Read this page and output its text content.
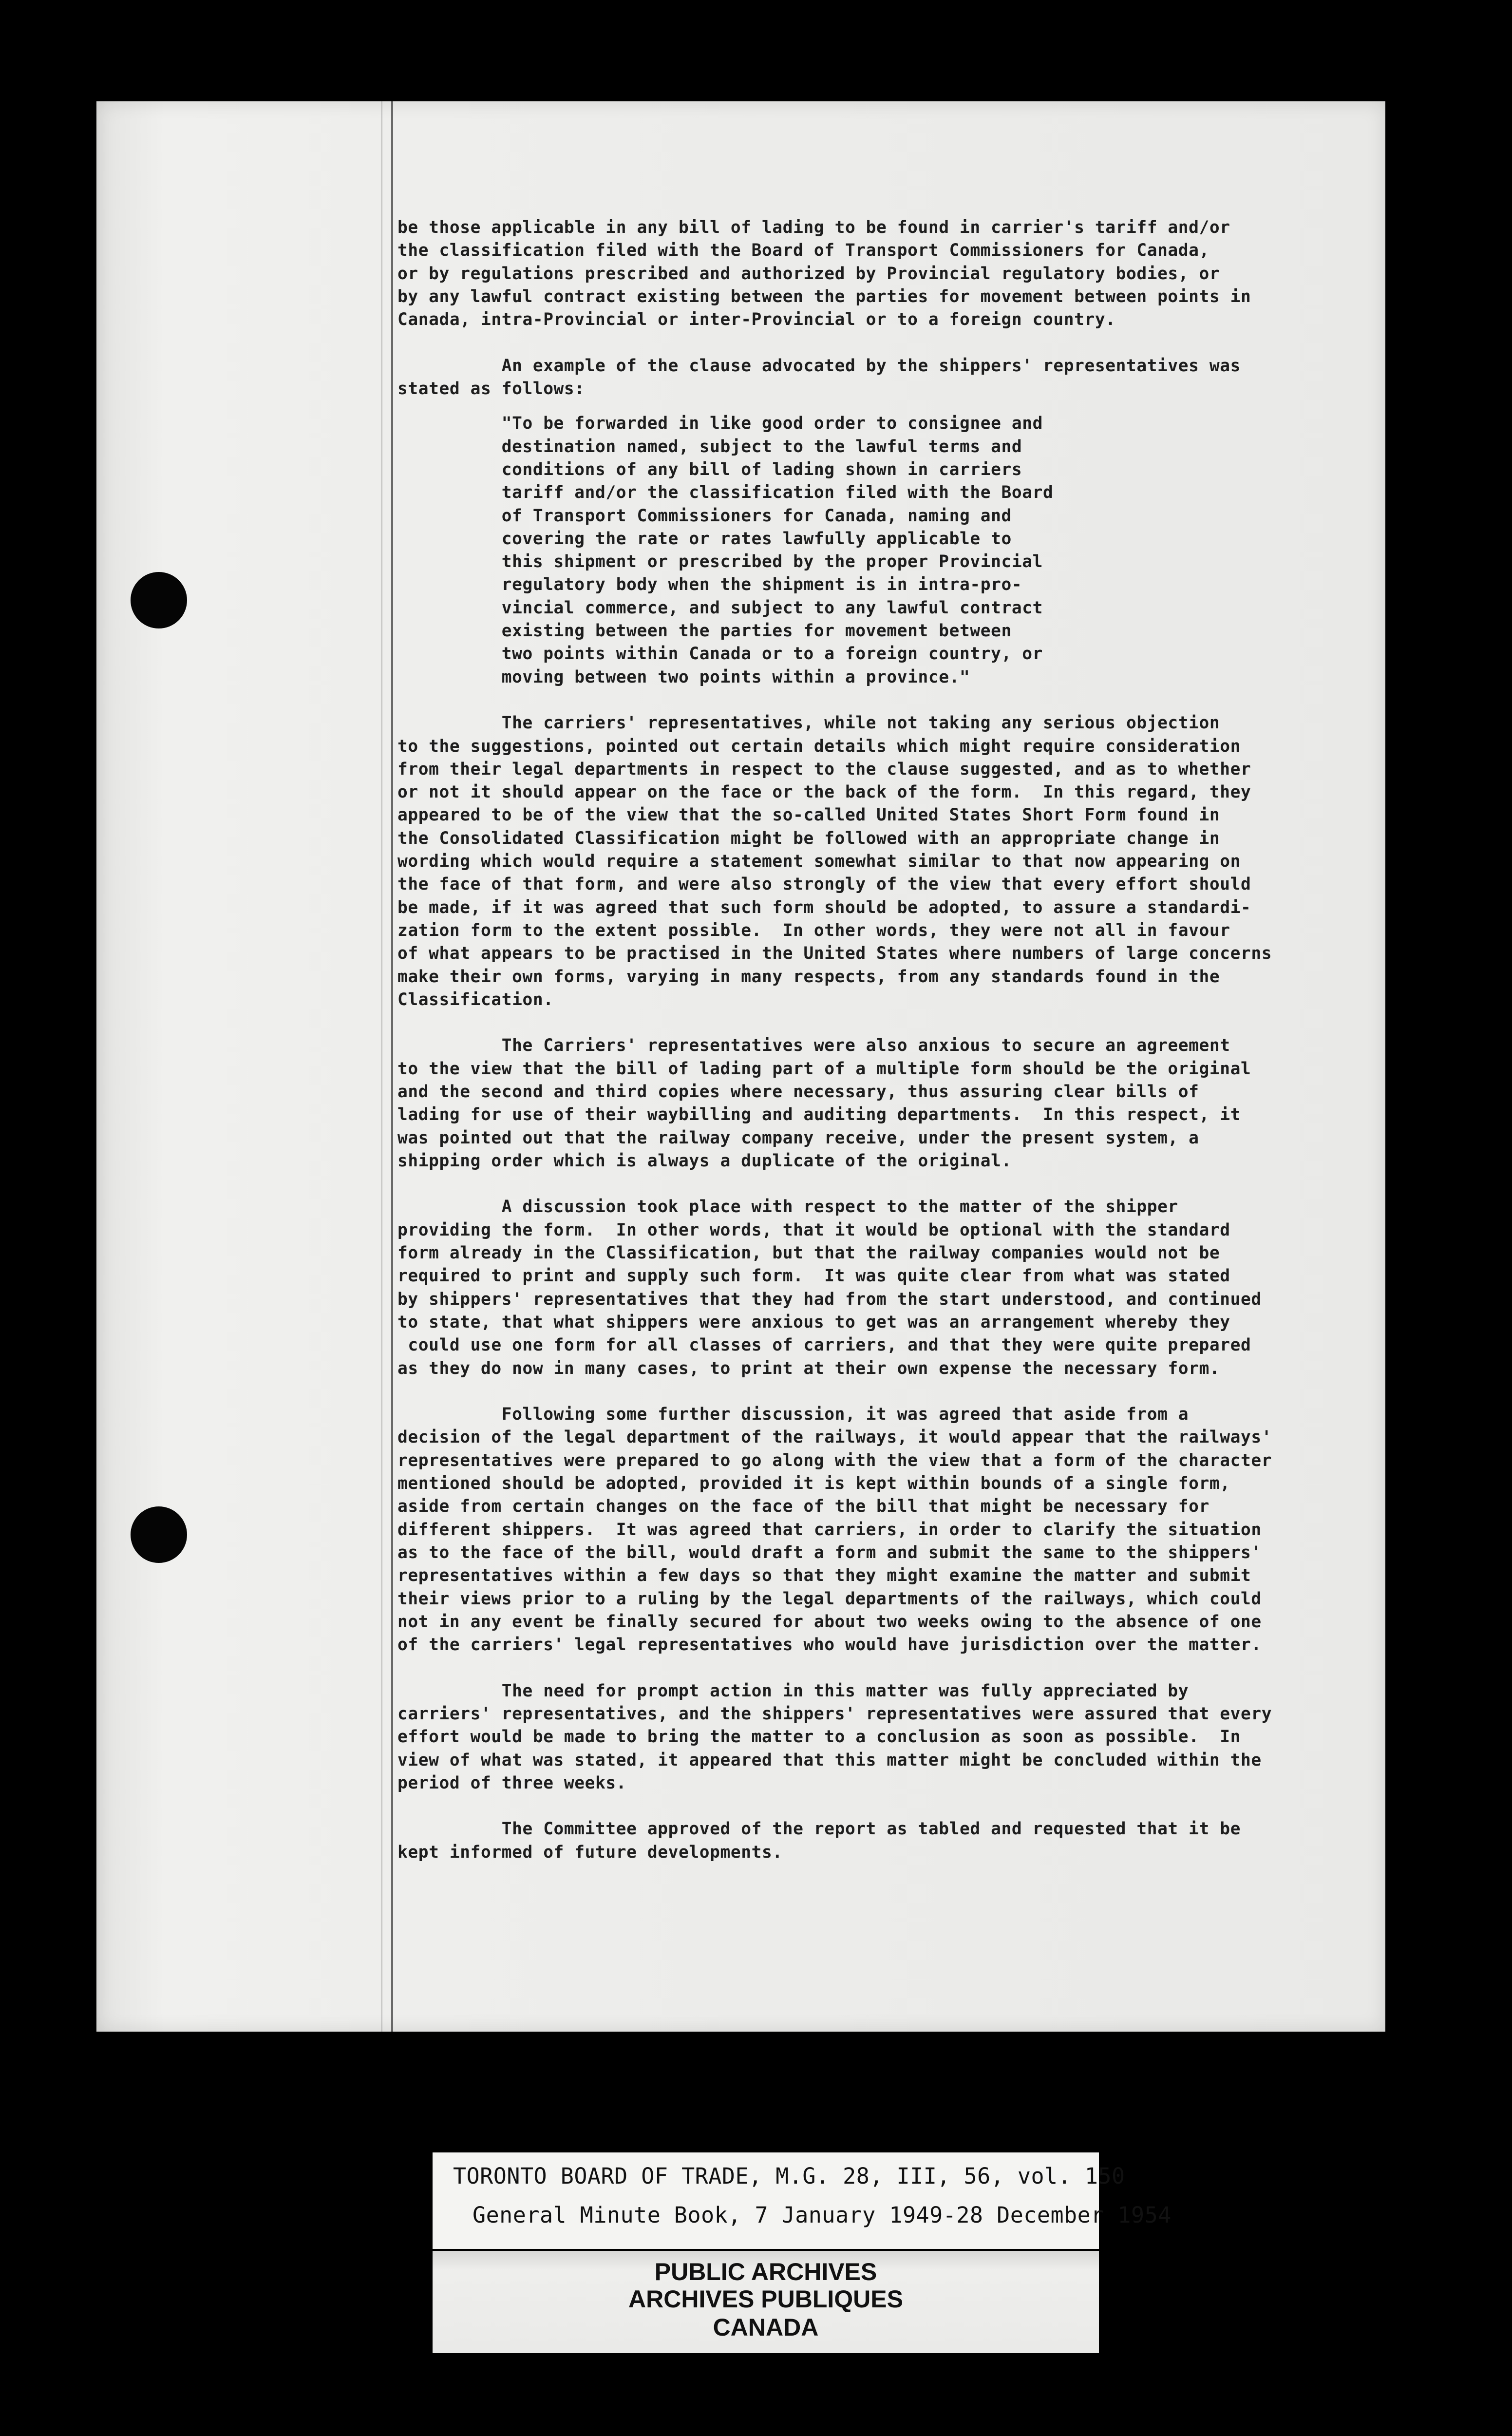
be those applicable in any bill of lading to be found in carrier's tariff and/or
the classification filed with the Board of Transport Commissioners for Canada,
or by regulations prescribed and authorized by Provincial regulatory bodies, or
by any lawful contract existing between the parties for movement between points in
Canada, intra-Provincial or inter-Provincial or to a foreign country.
An example of the clause advocated by the shippers' representatives was
stated as follows:
"To be forwarded in like good order to consignee and
destination named, subject to the lawful terms and
conditions of any bill of lading shown in carriers
tariff and/or the classification filed with the Board
of Transport Commissioners for Canada, naming and
covering the rate or rates lawfully applicable to
this shipment or prescribed by the proper Provincial
regulatory body when the shipment is in intra-pro-
vincial commerce, and subject to any lawful contract
existing between the parties for movement between
two points within Canada or to a foreign country, or
moving between two points within a province."
The carriers' representatives, while not taking any serious objection
to the suggestions, pointed out certain details which might require consideration
from their legal departments in respect to the clause suggested, and as to whether
or not it should appear on the face or the back of the form.  In this regard, they
appeared to be of the view that the so-called United States Short Form found in
the Consolidated Classification might be followed with an appropriate change in
wording which would require a statement somewhat similar to that now appearing on
the face of that form, and were also strongly of the view that every effort should
be made, if it was agreed that such form should be adopted, to assure a standardi-
zation form to the extent possible.  In other words, they were not all in favour
of what appears to be practised in the United States where numbers of large concerns
make their own forms, varying in many respects, from any standards found in the
Classification.
The Carriers' representatives were also anxious to secure an agreement
to the view that the bill of lading part of a multiple form should be the original
and the second and third copies where necessary, thus assuring clear bills of
lading for use of their waybilling and auditing departments.  In this respect, it
was pointed out that the railway company receive, under the present system, a
shipping order which is always a duplicate of the original.
A discussion took place with respect to the matter of the shipper
providing the form.  In other words, that it would be optional with the standard
form already in the Classification, but that the railway companies would not be
required to print and supply such form.  It was quite clear from what was stated
by shippers' representatives that they had from the start understood, and continued
to state, that what shippers were anxious to get was an arrangement whereby they
could use one form for all classes of carriers, and that they were quite prepared
as they do now in many cases, to print at their own expense the necessary form.
Following some further discussion, it was agreed that aside from a
decision of the legal department of the railways, it would appear that the railways'
representatives were prepared to go along with the view that a form of the character
mentioned should be adopted, provided it is kept within bounds of a single form,
aside from certain changes on the face of the bill that might be necessary for
different shippers.  It was agreed that carriers, in order to clarify the situation
as to the face of the bill, would draft a form and submit the same to the shippers'
representatives within a few days so that they might examine the matter and submit
their views prior to a ruling by the legal departments of the railways, which could
not in any event be finally secured for about two weeks owing to the absence of one
of the carriers' legal representatives who would have jurisdiction over the matter.
The need for prompt action in this matter was fully appreciated by
carriers' representatives, and the shippers' representatives were assured that every
effort would be made to bring the matter to a conclusion as soon as possible.  In
view of what was stated, it appeared that this matter might be concluded within the
period of three weeks.
The Committee approved of the report as tabled and requested that it be
kept informed of future developments.
TORONTO BOARD OF TRADE, M.G. 28, III, 56, vol. 150
General Minute Book, 7 January 1949-28 December 1954
PUBLIC ARCHIVES
ARCHIVES PUBLIQUES
CANADA
